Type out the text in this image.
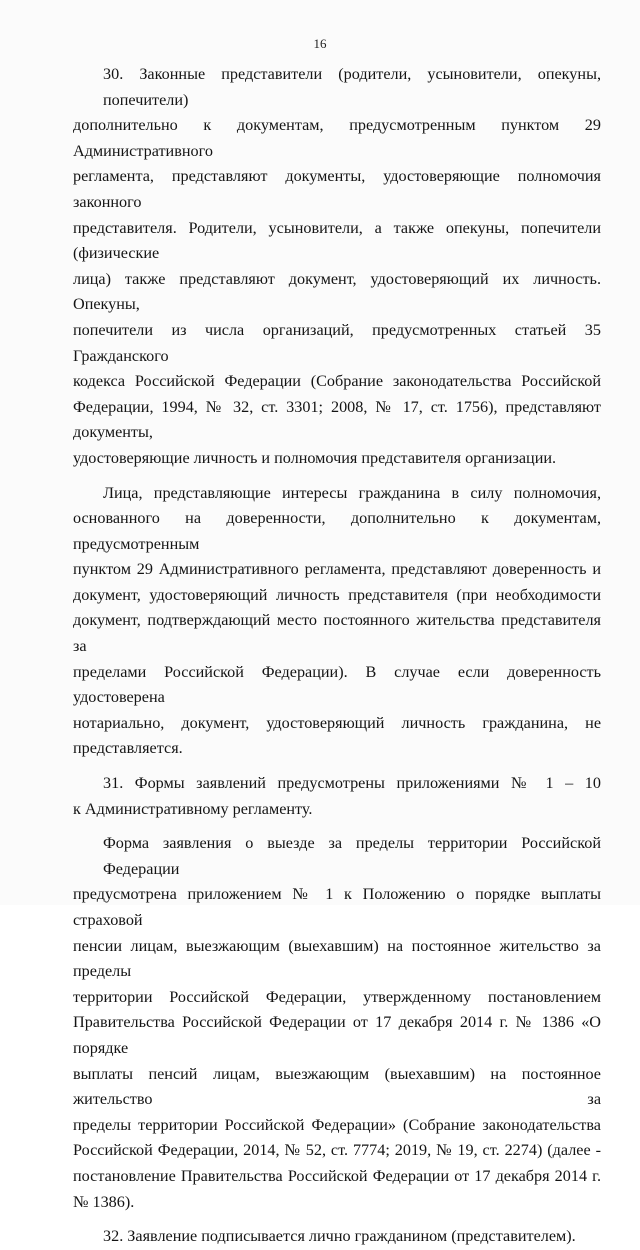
16

30. Законные представители (родители, усыновители, опекуны, попечители)
дополнительно к документам, предусмотренным пунктом 29 Административного
регламента, представляют документы, удостоверяющие полномочия законного
представителя. Родители, усыновители, а также опекуны, попечители (физические
лица) также представляют документ, удостоверяющий их личность. Опекуны,
попечители из числа организаций, предусмотренных статьей 35 Гражданского
кодекса Российской Федерации (Собрание законодательства Российской
Федерации, 1994, № 32, ст. 3301; 2008, № 17, ст. 1756), представляют документы,
удостоверяющие личность и полномочия представителя организации.

Лица, представляющие интересы гражданина в силу полномочия,
основанного на доверенности, дополнительно к документам, предусмотренным
пунктом 29 Административного регламента, представляют доверенность и
документ, удостоверяющий личность представителя (при необходимости
документ, подтверждающий место постоянного жительства представителя за
пределами Российской Федерации). В случае если доверенность удостоверена
нотариально, документ, удостоверяющий личность гражданина, не
представляется.

31. Формы заявлений предусмотрены приложениями № 1 – 10
к Административному регламенту.

Форма заявления о выезде за пределы территории Российской Федерации
предусмотрена приложением № 1 к Положению о порядке выплаты страховой
пенсии лицам, выезжающим (выехавшим) на постоянное жительство за пределы
территории Российской Федерации, утвержденному постановлением
Правительства Российской Федерации от 17 декабря 2014 г. № 1386 «О порядке
выплаты пенсий лицам, выезжающим (выехавшим) на постоянное жительство за
пределы территории Российской Федерации» (Собрание законодательства
Российской Федерации, 2014, № 52, ст. 7774; 2019, № 19, ст. 2274) (далее -
постановление Правительства Российской Федерации от 17 декабря 2014 г.
№ 1386).

32. Заявление подписывается лично гражданином (представителем).
